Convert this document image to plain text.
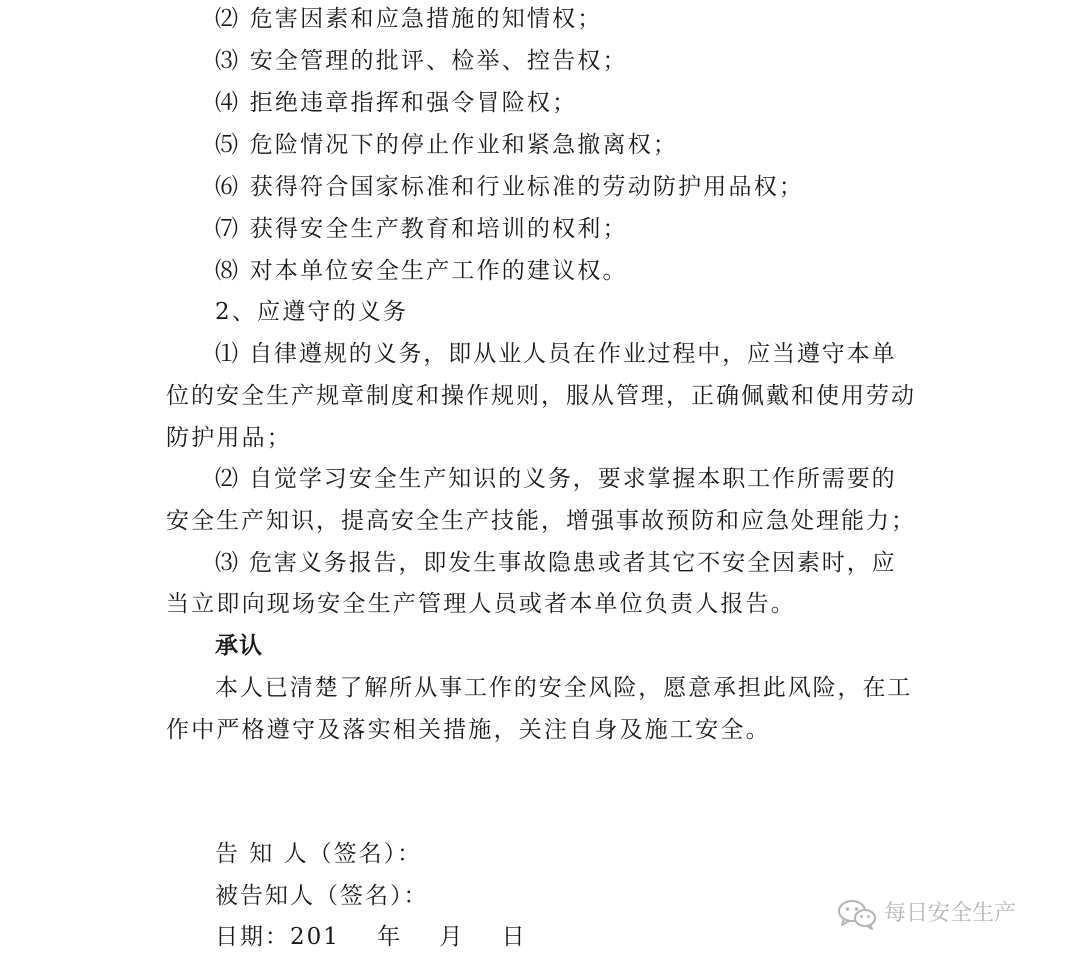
⑵ 危害因素和应急措施的知情权；
⑶ 安全管理的批评、检举、控告权；
⑷ 拒绝违章指挥和强令冒险权；
⑸ 危险情况下的停止作业和紧急撤离权；
⑹ 获得符合国家标准和行业标准的劳动防护用品权；
⑺ 获得安全生产教育和培训的权利；
⑻ 对本单位安全生产工作的建议权。
2、应遵守的义务
⑴ 自律遵规的义务，即从业人员在作业过程中，应当遵守本单
位的安全生产规章制度和操作规则，服从管理，正确佩戴和使用劳动
防护用品；
⑵ 自觉学习安全生产知识的义务，要求掌握本职工作所需要的
安全生产知识，提高安全生产技能，增强事故预防和应急处理能力；
⑶ 危害义务报告，即发生事故隐患或者其它不安全因素时，应
当立即向现场安全生产管理人员或者本单位负责人报告。
承认
本人已清楚了解所从事工作的安全风险，愿意承担此风险，在工
作中严格遵守及落实相关措施，关注自身及施工安全。
告 知 人（签名）：
被告知人（签名）：
日期：201    年    月    日
每日安全生产
